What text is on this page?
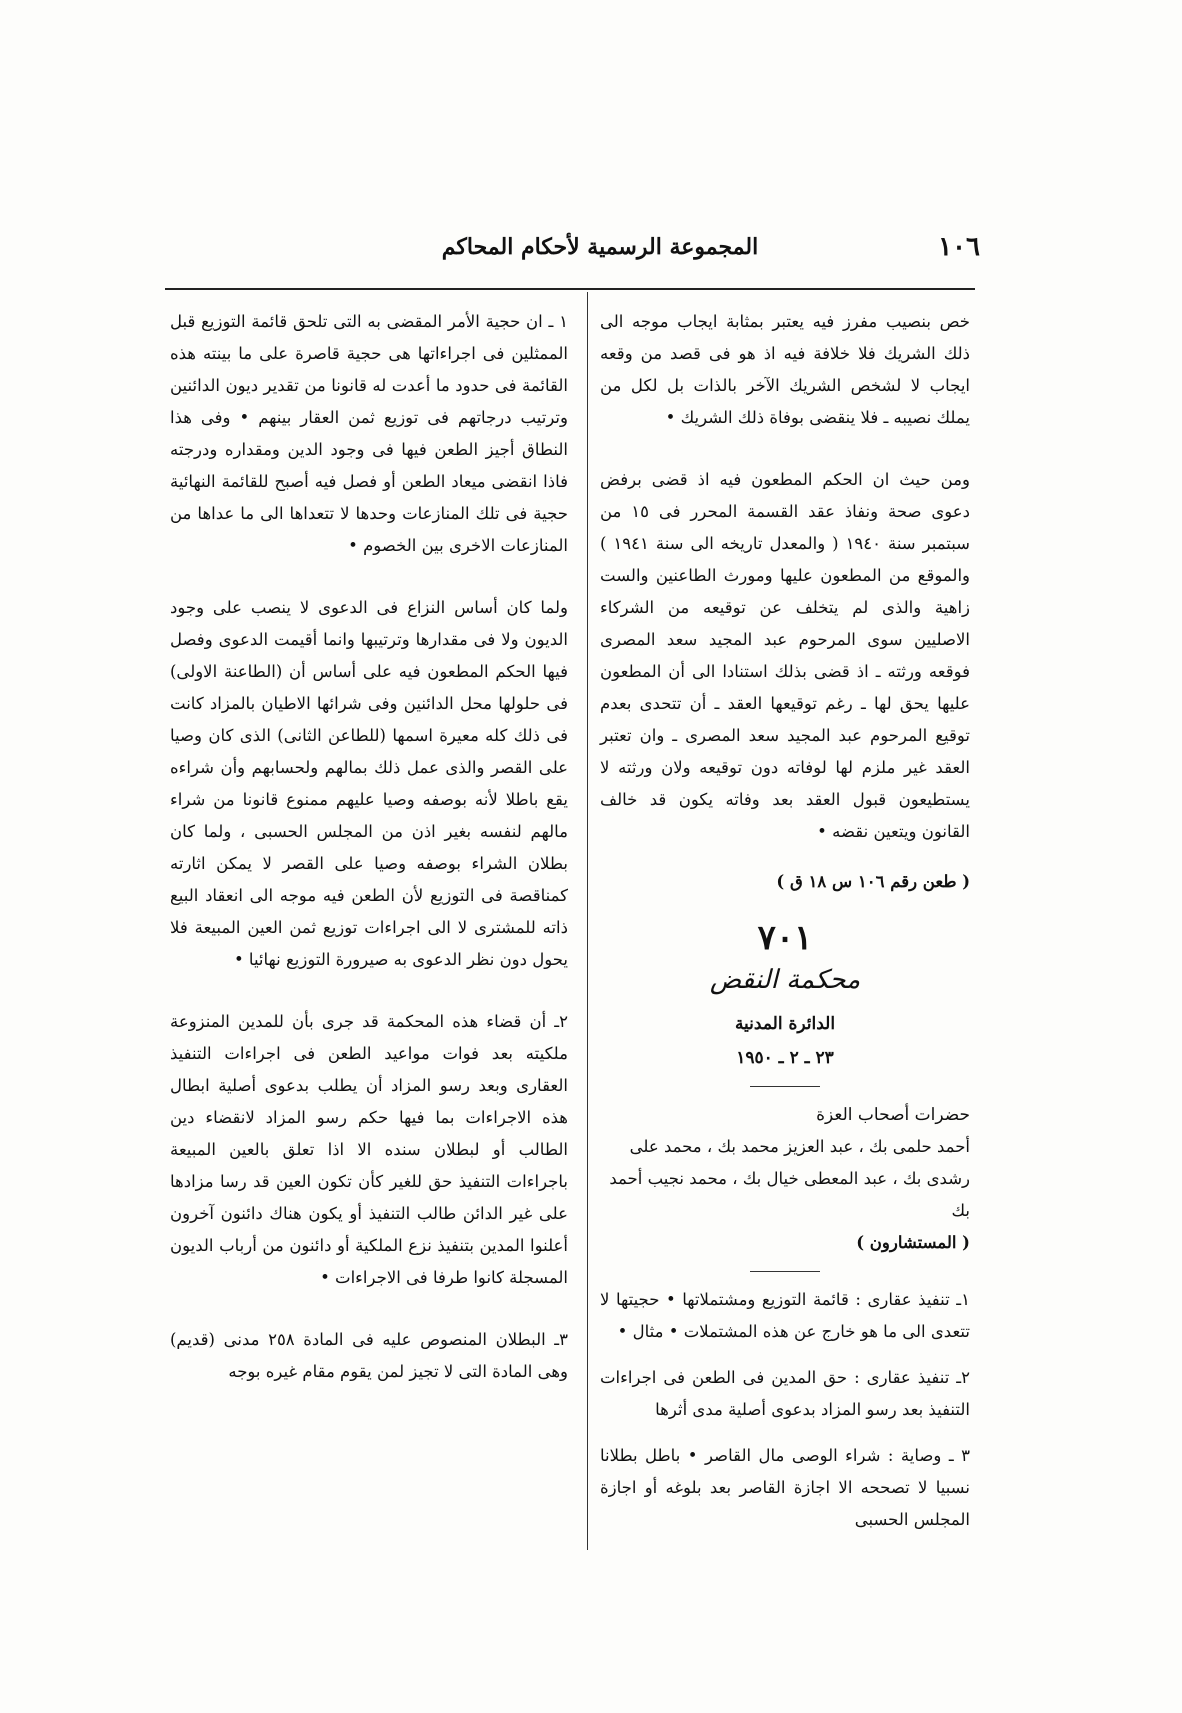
١٠٦
المجموعة الرسمية لأحكام المحاكم

خص بنصيب مفرز فيه يعتبر بمثابة ايجاب موجه الى ذلك الشريك فلا خلافة فيه اذ هو فى قصد من وقعه ايجاب لا لشخص الشريك الآخر بالذات بل لكل من يملك نصيبه ـ فلا ينقضى بوفاة ذلك الشريك •

ومن حيث ان الحكم المطعون فيه اذ قضى برفض دعوى صحة ونفاذ عقد القسمة المحرر فى ١٥ من سبتمبر سنة ١٩٤٠ ( والمعدل تاريخه الى سنة ١٩٤١ ) والموقع من المطعون عليها ومورث الطاعنين والست زاهية والذى لم يتخلف عن توقيعه من الشركاء الاصليين سوى المرحوم عبد المجيد سعد المصرى فوقعه ورثته ـ اذ قضى بذلك استنادا الى أن المطعون عليها يحق لها ـ رغم توقيعها العقد ـ أن تتحدى بعدم توقيع المرحوم عبد المجيد سعد المصرى ـ وان تعتبر العقد غير ملزم لها لوفاته دون توقيعه ولان ورثته لا يستطيعون قبول العقد بعد وفاته يكون قد خالف القانون ويتعين نقضه •

( طعن رقم ١٠٦ س ١٨ ق )

٧٠١

محكمة النقض

الدائرة المدنية

٢٣ ـ ٢ ـ ١٩٥٠

حضرات أصحاب العزة

أحمد حلمى بك ، عبد العزيز محمد بك ، محمد على رشدى بك ، عبد المعطى خيال بك ، محمد نجيب أحمد بك

( المستشارون )

١ـ تنفيذ عقارى : قائمة التوزيع ومشتملاتها • حجيتها لا تتعدى الى ما هو خارج عن هذه المشتملات • مثال •

٢ـ تنفيذ عقارى : حق المدين فى الطعن فى اجراءات التنفيذ بعد رسو المزاد بدعوى أصلية مدى أثرها

٣ ـ وصاية : شراء الوصى مال القاصر • باطل بطلانا نسبيا لا تصححه الا اجازة القاصر بعد بلوغه أو اجازة المجلس الحسبى

١ ـ ان حجية الأمر المقضى به التى تلحق قائمة التوزيع قبل الممثلين فى اجراءاتها هى حجية قاصرة على ما بينته هذه القائمة فى حدود ما أعدت له قانونا من تقدير ديون الدائنين وترتيب درجاتهم فى توزيع ثمن العقار بينهم • وفى هذا النطاق أجيز الطعن فيها فى وجود الدين ومقداره ودرجته فاذا انقضى ميعاد الطعن أو فصل فيه أصبح للقائمة النهائية حجية فى تلك المنازعات وحدها لا تتعداها الى ما عداها من المنازعات الاخرى بين الخصوم •

ولما كان أساس النزاع فى الدعوى لا ينصب على وجود الديون ولا فى مقدارها وترتيبها وانما أقيمت الدعوى وفصل فيها الحكم المطعون فيه على أساس أن (الطاعنة الاولى) فى حلولها محل الدائنين وفى شرائها الاطيان بالمزاد كانت فى ذلك كله معيرة اسمها (للطاعن الثانى) الذى كان وصيا على القصر والذى عمل ذلك بمالهم ولحسابهم وأن شراءه يقع باطلا لأنه بوصفه وصيا عليهم ممنوع قانونا من شراء مالهم لنفسه بغير اذن من المجلس الحسبى ، ولما كان بطلان الشراء بوصفه وصيا على القصر لا يمكن اثارته كمناقصة فى التوزيع لأن الطعن فيه موجه الى انعقاد البيع ذاته للمشترى لا الى اجراءات توزيع ثمن العين المبيعة فلا يحول دون نظر الدعوى به صيرورة التوزيع نهائيا •

٢ـ أن قضاء هذه المحكمة قد جرى بأن للمدين المنزوعة ملكيته بعد فوات مواعيد الطعن فى اجراءات التنفيذ العقارى وبعد رسو المزاد أن يطلب بدعوى أصلية ابطال هذه الاجراءات بما فيها حكم رسو المزاد لانقضاء دين الطالب أو لبطلان سنده الا اذا تعلق بالعين المبيعة باجراءات التنفيذ حق للغير كأن تكون العين قد رسا مزادها على غير الدائن طالب التنفيذ أو يكون هناك دائنون آخرون أعلنوا المدين بتنفيذ نزع الملكية أو دائنون من أرباب الديون المسجلة كانوا طرفا فى الاجراءات •

٣ـ البطلان المنصوص عليه فى المادة ٢٥٨ مدنى (قديم) وهى المادة التى لا تجيز لمن يقوم مقام غيره بوجه
